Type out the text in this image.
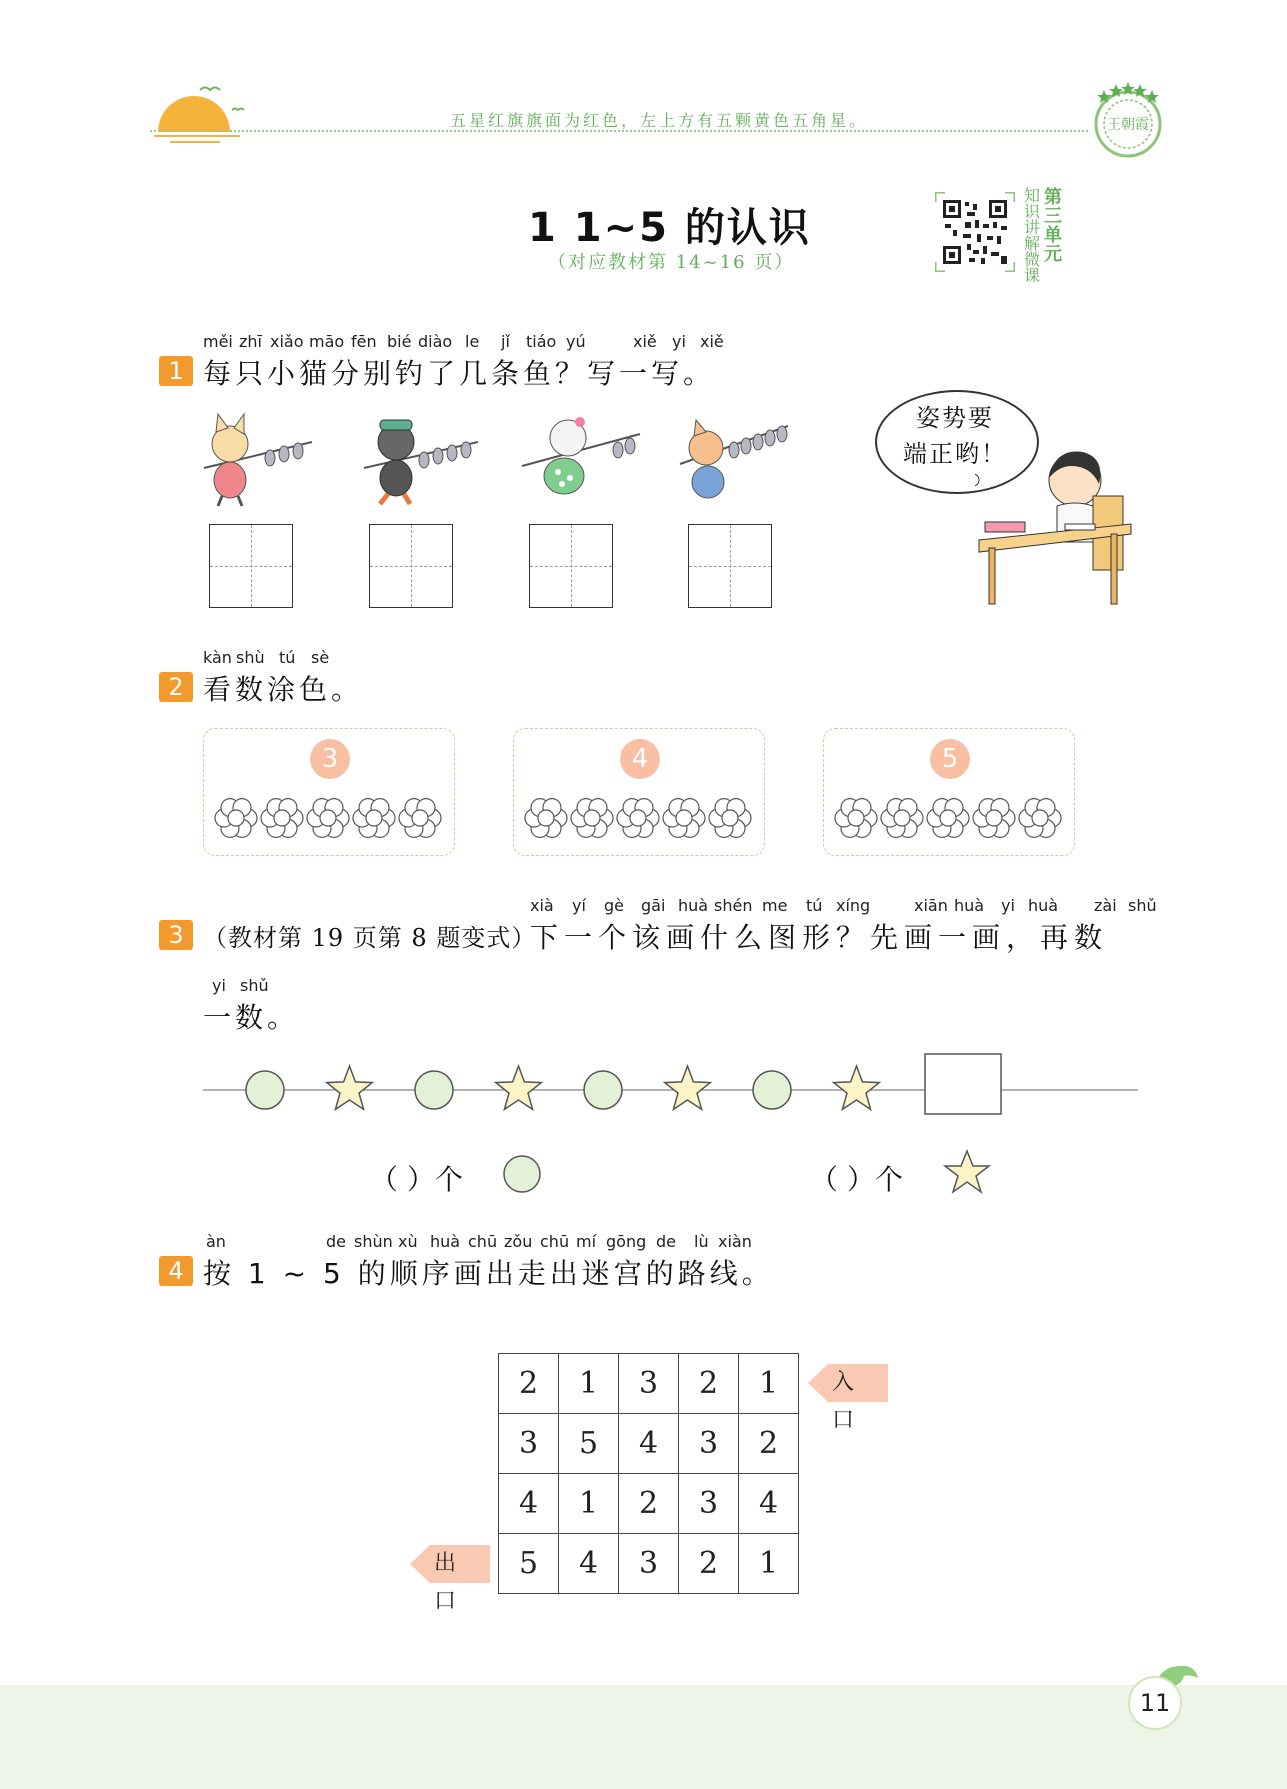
五星红旗旗面为红色，左上方有五颗黄色五角星。	王朝霞
1 1~5 的认识
（对应教材第 14~16 页）
知识讲解微课
第三单元
měi zhī xiǎo māo fēn bié diào le jǐ tiáo yú	xiě yi xiě
1 每只小猫分别钓了几条鱼？写一写。
姿势要
端正哟！
kàn shù tú sè
2 看数涂色。
3	4	5
xià yí gè gāi huà shén me tú xíng	xiān huà yi huà zài shǔ
3 （教材第 19 页第 8 题变式）
下一个该画什么图形？先画一画，再数
yi shǔ
一数。
（ ）个	（ ）个
àn	de shùn xù huà chū zǒu chū mí gōng de lù xiàn
4 按 1 ~ 5 的顺序画出走出迷宫的路线。
2	1	3	2	1
3	5	4	3	2
4	1	2	3	4
5	4	3	2	1
入口
出口
11
